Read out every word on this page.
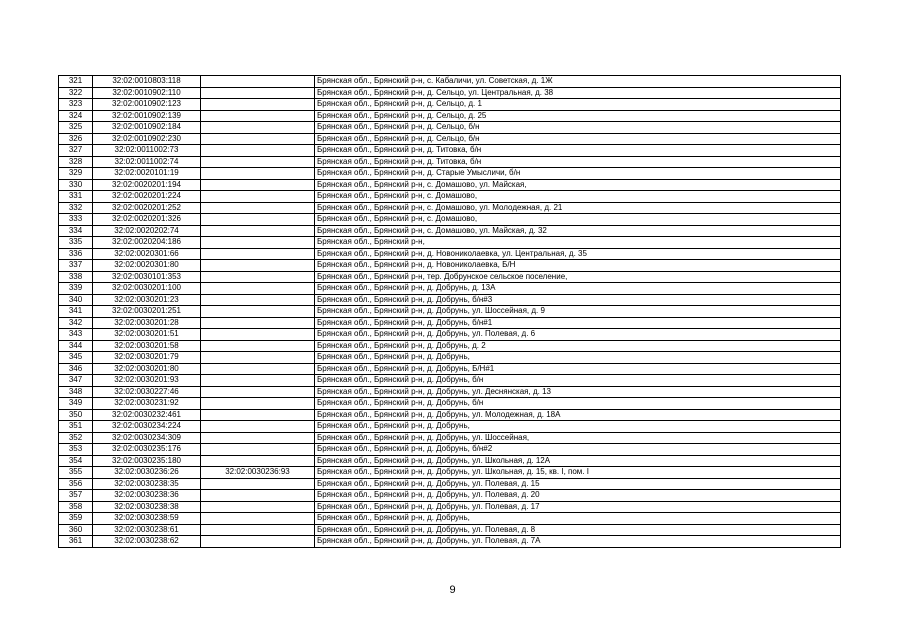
321	32:02:0010803:118		Брянская обл., Брянский р-н, с. Кабаличи, ул. Советская, д. 1Ж
322	32:02:0010902:110		Брянская обл., Брянский р-н, д. Сельцо, ул. Центральная, д. 38
323	32:02:0010902:123		Брянская обл., Брянский р-н, д. Сельцо, д. 1
324	32:02:0010902:139		Брянская обл., Брянский р-н, д. Сельцо, д. 25
325	32:02:0010902:184		Брянская обл., Брянский р-н, д. Сельцо, б/н
326	32:02:0010902:230		Брянская обл., Брянский р-н, д. Сельцо, б/н
327	32:02:0011002:73		Брянская обл., Брянский р-н, д. Титовка, б/н
328	32:02:0011002:74		Брянская обл., Брянский р-н, д. Титовка, б/н
329	32:02:0020101:19		Брянская обл., Брянский р-н, д. Старые Умысличи, б/н
330	32:02:0020201:194		Брянская обл., Брянский р-н, с. Домашово, ул. Майская,
331	32:02:0020201:224		Брянская обл., Брянский р-н, с. Домашово,
332	32:02:0020201:252		Брянская обл., Брянский р-н, с. Домашово, ул. Молодежная, д. 21
333	32:02:0020201:326		Брянская обл., Брянский р-н, с. Домашово,
334	32:02:0020202:74		Брянская обл., Брянский р-н, с. Домашово, ул. Майская, д. 32
335	32:02:0020204:186		Брянская обл., Брянский р-н,
336	32:02:0020301:66		Брянская обл., Брянский р-н, д. Новониколаевка, ул. Центральная, д. 35
337	32:02:0020301:80		Брянская обл., Брянский р-н, д. Новониколаевка, Б/Н
338	32:02:0030101:353		Брянская обл., Брянский р-н, тер. Добрунское сельское поселение,
339	32:02:0030201:100		Брянская обл., Брянский р-н, д. Добрунь, д. 13А
340	32:02:0030201:23		Брянская обл., Брянский р-н, д. Добрунь, б/н#3
341	32:02:0030201:251		Брянская обл., Брянский р-н, д. Добрунь, ул. Шоссейная, д. 9
342	32:02:0030201:28		Брянская обл., Брянский р-н, д. Добрунь, б/н#1
343	32:02:0030201:51		Брянская обл., Брянский р-н, д. Добрунь, ул. Полевая, д. 6
344	32:02:0030201:58		Брянская обл., Брянский р-н, д. Добрунь, д. 2
345	32:02:0030201:79		Брянская обл., Брянский р-н, д. Добрунь,
346	32:02:0030201:80		Брянская обл., Брянский р-н, д. Добрунь, Б/Н#1
347	32:02:0030201:93		Брянская обл., Брянский р-н, д. Добрунь, б/н
348	32:02:0030227:46		Брянская обл., Брянский р-н, д. Добрунь, ул. Деснянская, д. 13
349	32:02:0030231:92		Брянская обл., Брянский р-н, д. Добрунь, б/н
350	32:02:0030232:461		Брянская обл., Брянский р-н, д. Добрунь, ул. Молодежная, д. 18А
351	32:02:0030234:224		Брянская обл., Брянский р-н, д. Добрунь,
352	32:02:0030234:309		Брянская обл., Брянский р-н, д. Добрунь, ул. Шоссейная,
353	32:02:0030235:176		Брянская обл., Брянский р-н, д. Добрунь, б/н#2
354	32:02:0030235:180		Брянская обл., Брянский р-н, д. Добрунь, ул. Школьная, д. 12А
355	32:02:0030236:26	32:02:0030236:93	Брянская обл., Брянский р-н, д. Добрунь, ул. Школьная, д. 15, кв. I, пом. I
356	32:02:0030238:35		Брянская обл., Брянский р-н, д. Добрунь, ул. Полевая, д. 15
357	32:02:0030238:36		Брянская обл., Брянский р-н, д. Добрунь, ул. Полевая, д. 20
358	32:02:0030238:38		Брянская обл., Брянский р-н, д. Добрунь, ул. Полевая, д. 17
359	32:02:0030238:59		Брянская обл., Брянский р-н, д. Добрунь,
360	32:02:0030238:61		Брянская обл., Брянский р-н, д. Добрунь, ул. Полевая, д. 8
361	32:02:0030238:62		Брянская обл., Брянский р-н, д. Добрунь, ул. Полевая, д. 7А
9
